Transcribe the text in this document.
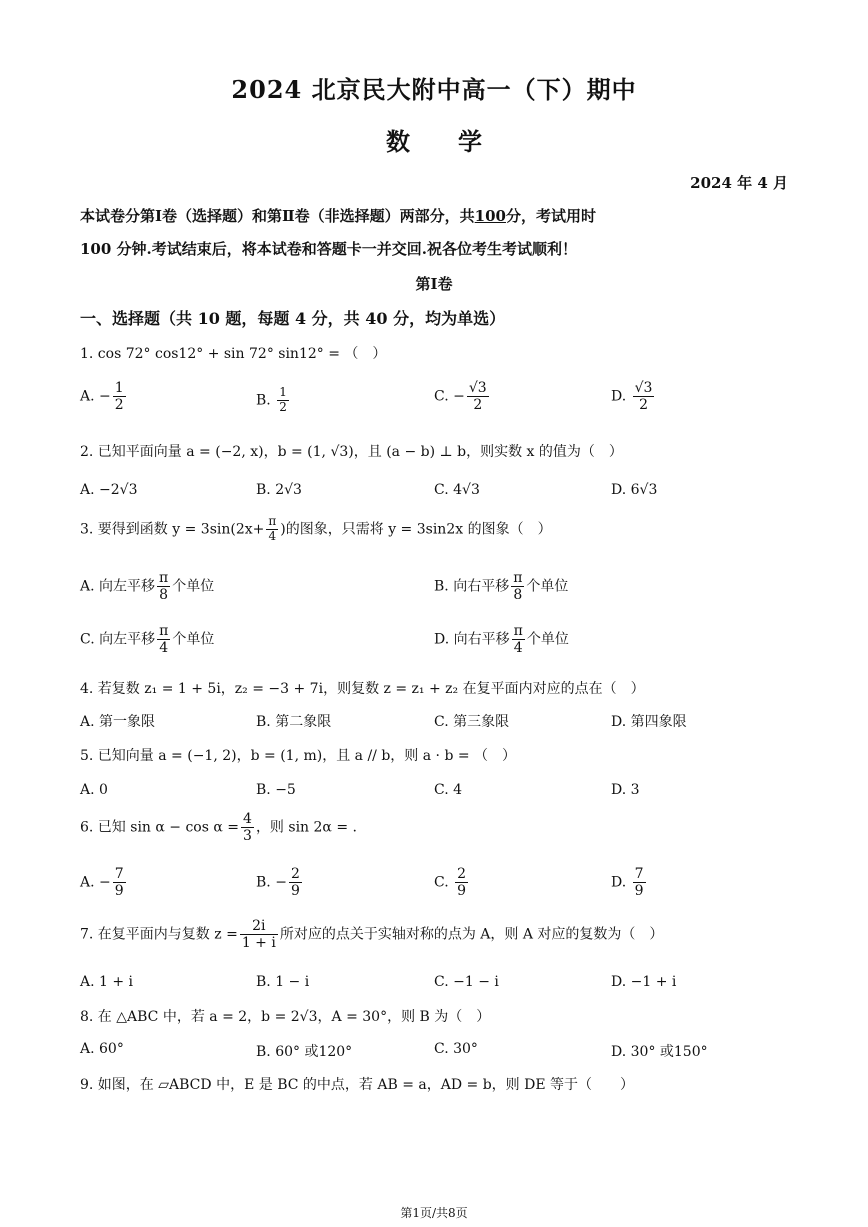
2024 北京民大附中高一（下）期中
数　　学
2024 年 4 月
本试卷分第Ⅰ卷（选择题）和第Ⅱ卷（非选择题）两部分，共100分，考试用时
100 分钟.考试结束后，将本试卷和答题卡一并交回.祝各位考生考试顺利！
第Ⅰ卷
一、选择题（共 10 题，每题 4 分，共 40 分，均为单选）
1. cos 72° cos12° + sin 72° sin12° = （　）
A. − $\frac{1}{2}$	B. $\frac{1}{2}$	C. − $\frac{√3}{2}$	D. $\frac{√3}{2}$
2. 已知平面向量 a = (−2, x)，b = (1, √3)，且 (a − b) ⊥ b，则实数 x 的值为（　）
A. −2√3	B. 2√3	C. 4√3	D. 6√3
3. 要得到函数 $y = 3\sin(2x+ \frac{\pi}{4}$ )的图象，只需将 y = 3sin2x 的图象（　）
A. 向左平移 $\frac{\pi}{8}$ 个单位	B. 向右平移 $\frac{\pi}{8}$ 个单位
C. 向左平移 $\frac{\pi}{4}$ 个单位	D. 向右平移 $\frac{\pi}{4}$ 个单位
4. 若复数 z₁ = 1 + 5i，z₂ = −3 + 7i，则复数 z = z₁ + z₂ 在复平面内对应的点在（　）
A. 第一象限	B. 第二象限	C. 第三象限	D. 第四象限
5. 已知向量 a = (−1, 2)，b = (1, m)，且 a // b，则 a · b = （　）
A. 0	B. −5	C. 4	D. 3
6. 已知 $\sin \alpha - \cos \alpha = \frac{4}{3}$ ，则 sin 2α = .
A. − $\frac{7}{9}$	B. − $\frac{2}{9}$	C. $\frac{2}{9}$	D. $\frac{7}{9}$
7. 在复平面内与复数 $z = \frac{2i}{1 + i}$ 所对应的点关于实轴对称的点为 A，则 A 对应的复数为（　）
A. 1 + i	B. 1 − i	C. −1 − i	D. −1 + i
8. 在 △ABC 中，若 a = 2，b = 2√3，A = 30°，则 B 为（　）
A. 60°	B. 60° 或120°	C. 30°	D. 30° 或150°
9. 如图，在 ▱ABCD 中，E 是 BC 的中点，若 AB = a，AD = b，则 DE 等于（　　）
第1页/共8页
